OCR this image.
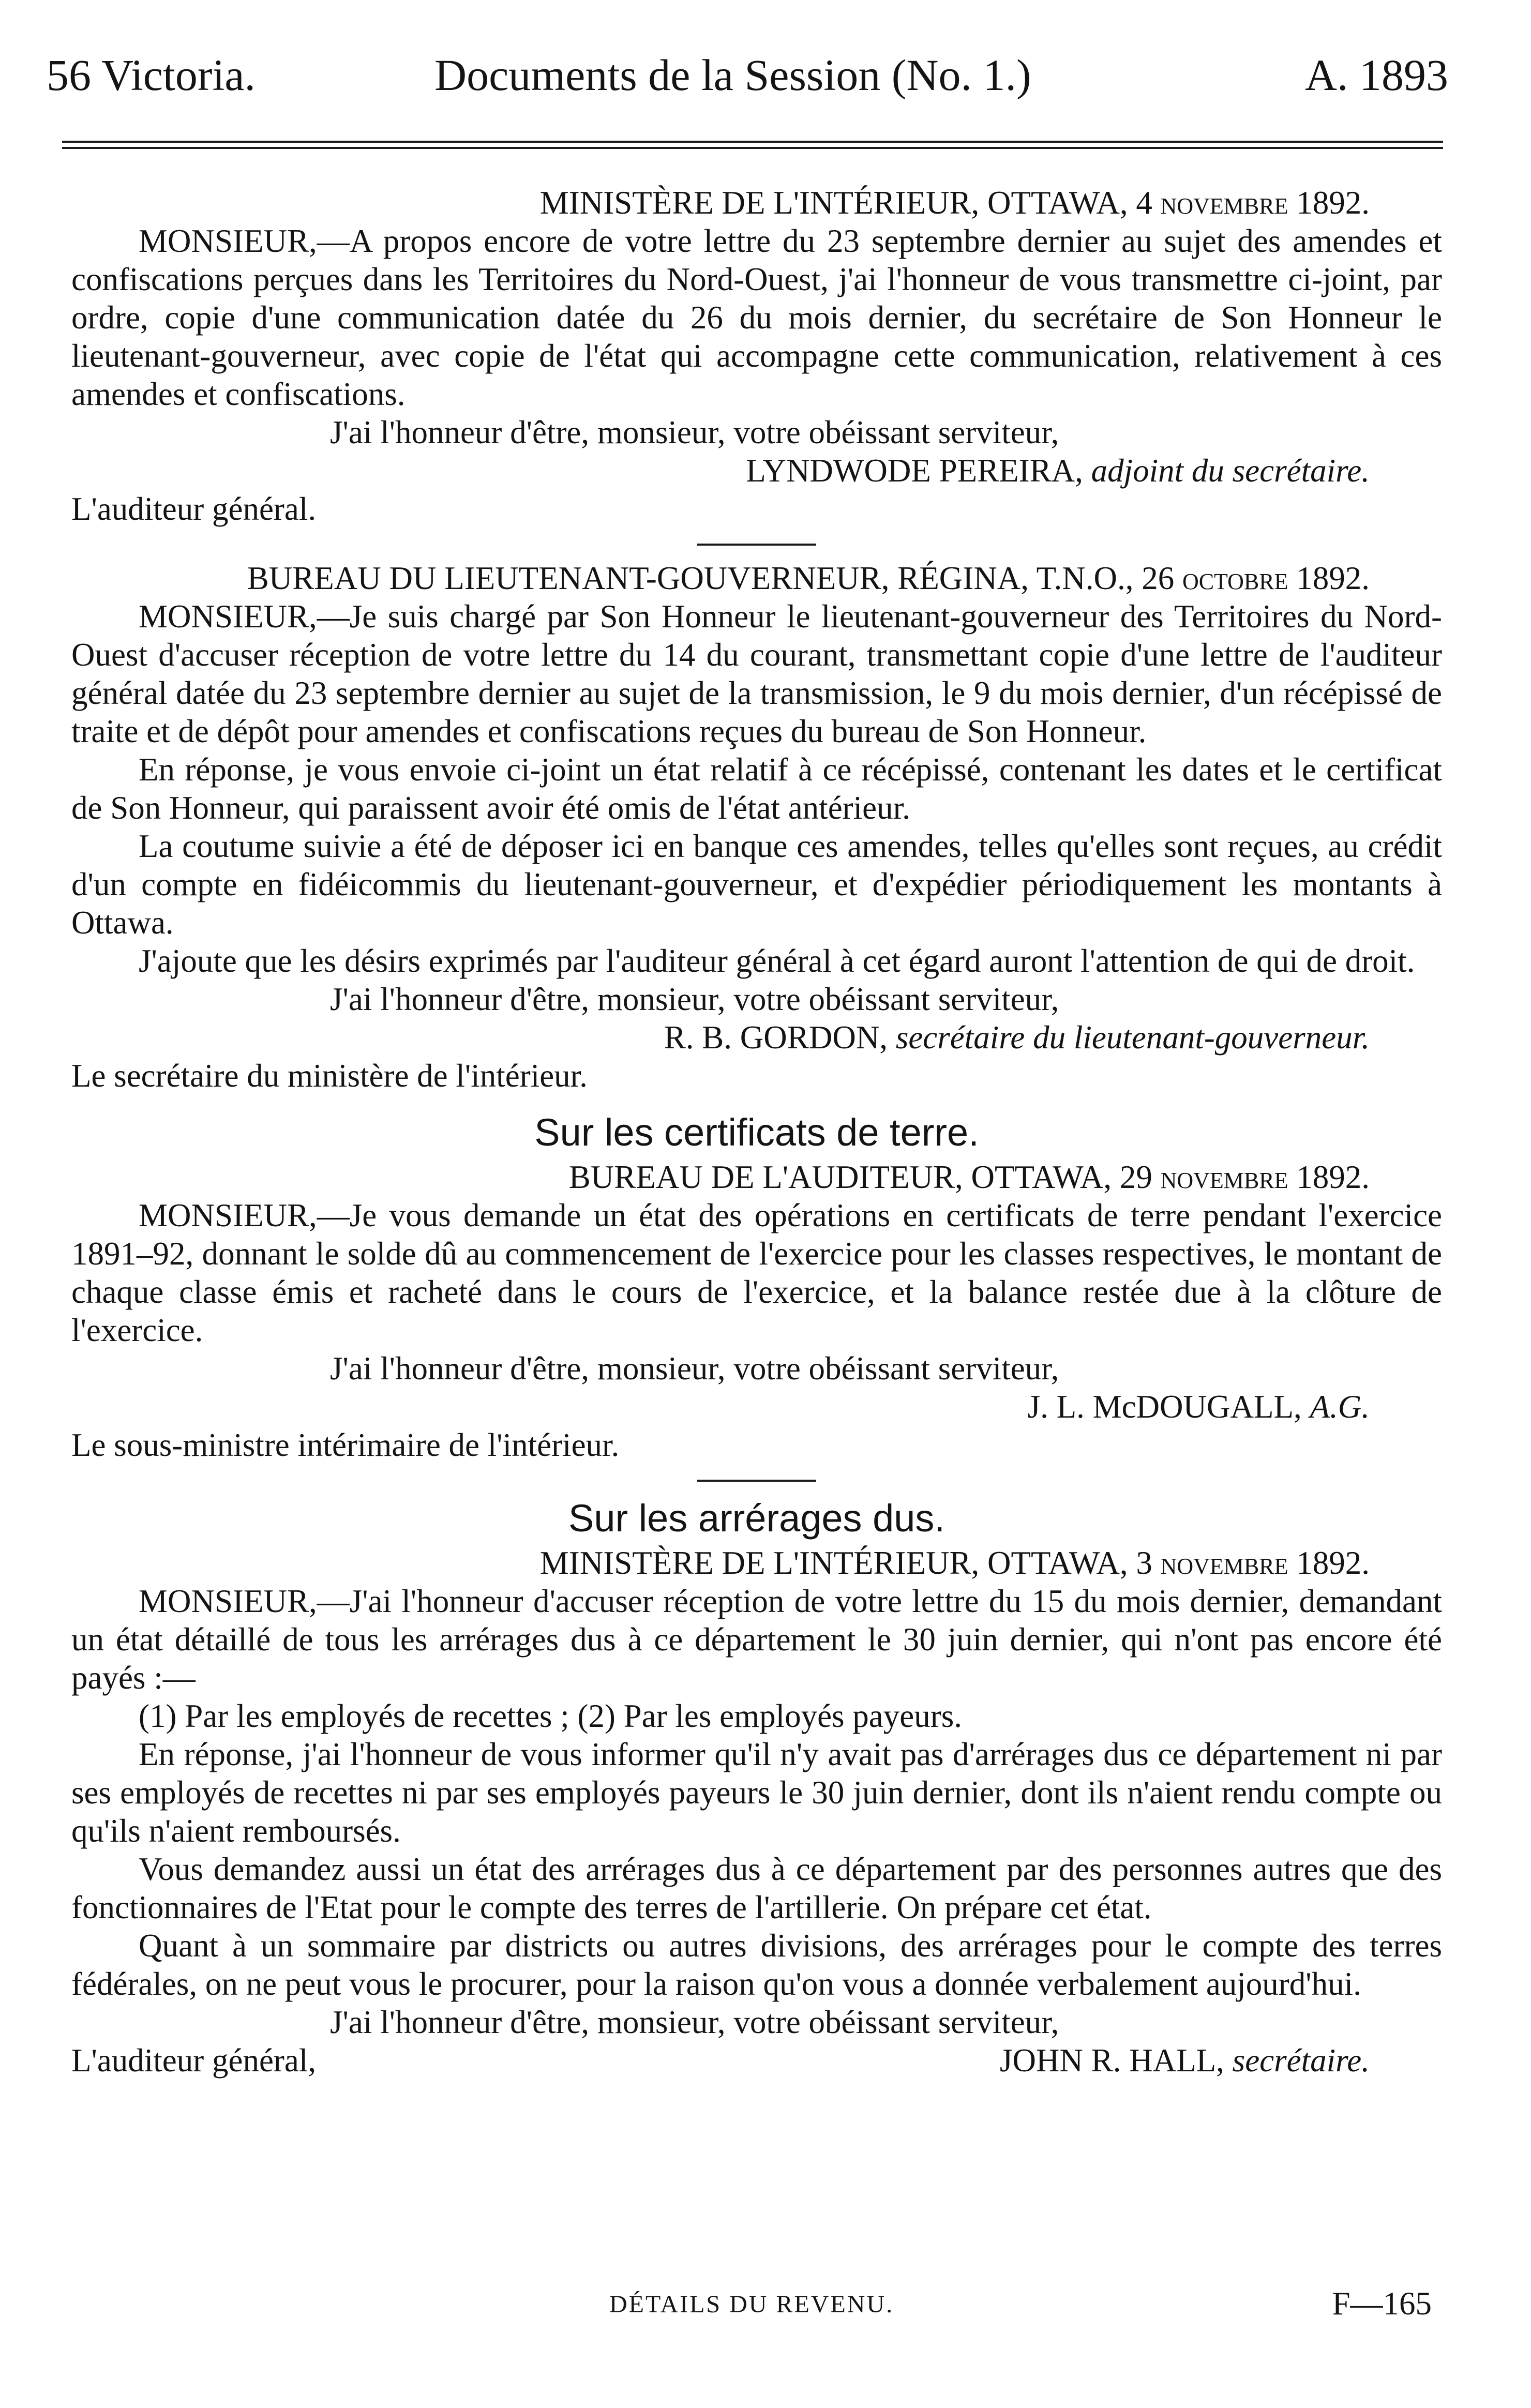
56 Victoria.	Documents de la Session (No. 1.)	A. 1893
MINISTÈRE DE L'INTÉRIEUR, OTTAWA, 4 novembre 1892.

MONSIEUR,—A propos encore de votre lettre du 23 septembre dernier au sujet des amendes et confiscations perçues dans les Territoires du Nord-Ouest, j'ai l'honneur de vous transmettre ci-joint, par ordre, copie d'une communication datée du 26 du mois dernier, du secrétaire de Son Honneur le lieutenant-gouverneur, avec copie de l'état qui accompagne cette communication, relativement à ces amendes et confiscations.

J'ai l'honneur d'être, monsieur, votre obéissant serviteur,
LYNDWODE PEREIRA, adjoint du secrétaire.
L'auditeur général.
BUREAU DU LIEUTENANT-GOUVERNEUR, RÉGINA, T.N.O., 26 octobre 1892.

MONSIEUR,—Je suis chargé par Son Honneur le lieutenant-gouverneur des Territoires du Nord-Ouest d'accuser réception de votre lettre du 14 du courant, transmettant copie d'une lettre de l'auditeur général datée du 23 septembre dernier au sujet de la transmission, le 9 du mois dernier, d'un récépissé de traite et de dépôt pour amendes et confiscations reçues du bureau de Son Honneur.

En réponse, je vous envoie ci-joint un état relatif à ce récépissé, contenant les dates et le certificat de Son Honneur, qui paraissent avoir été omis de l'état antérieur.

La coutume suivie a été de déposer ici en banque ces amendes, telles qu'elles sont reçues, au crédit d'un compte en fidéicommis du lieutenant-gouverneur, et d'expédier périodiquement les montants à Ottawa.

J'ajoute que les désirs exprimés par l'auditeur général à cet égard auront l'attention de qui de droit.

J'ai l'honneur d'être, monsieur, votre obéissant serviteur,
R. B. GORDON, secrétaire du lieutenant-gouverneur.
Le secrétaire du ministère de l'intérieur.
Sur les certificats de terre.
BUREAU DE L'AUDITEUR, OTTAWA, 29 novembre 1892.

MONSIEUR,—Je vous demande un état des opérations en certificats de terre pendant l'exercice 1891–92, donnant le solde dû au commencement de l'exercice pour les classes respectives, le montant de chaque classe émis et racheté dans le cours de l'exercice, et la balance restée due à la clôture de l'exercice.

J'ai l'honneur d'être, monsieur, votre obéissant serviteur,
J. L. McDOUGALL, A.G.
Le sous-ministre intérimaire de l'intérieur.
Sur les arrérages dus.
MINISTÈRE DE L'INTÉRIEUR, OTTAWA, 3 novembre 1892.

MONSIEUR,—J'ai l'honneur d'accuser réception de votre lettre du 15 du mois dernier, demandant un état détaillé de tous les arrérages dus à ce département le 30 juin dernier, qui n'ont pas encore été payés :—

(1) Par les employés de recettes ; (2) Par les employés payeurs.

En réponse, j'ai l'honneur de vous informer qu'il n'y avait pas d'arrérages dus ce département ni par ses employés de recettes ni par ses employés payeurs le 30 juin dernier, dont ils n'aient rendu compte ou qu'ils n'aient remboursés.

Vous demandez aussi un état des arrérages dus à ce département par des personnes autres que des fonctionnaires de l'Etat pour le compte des terres de l'artillerie. On prépare cet état.

Quant à un sommaire par districts ou autres divisions, des arrérages pour le compte des terres fédérales, on ne peut vous le procurer, pour la raison qu'on vous a donnée verbalement aujourd'hui.

J'ai l'honneur d'être, monsieur, votre obéissant serviteur,
L'auditeur général,	JOHN R. HALL, secrétaire.
DÉTAILS DU REVENU.	F—165
